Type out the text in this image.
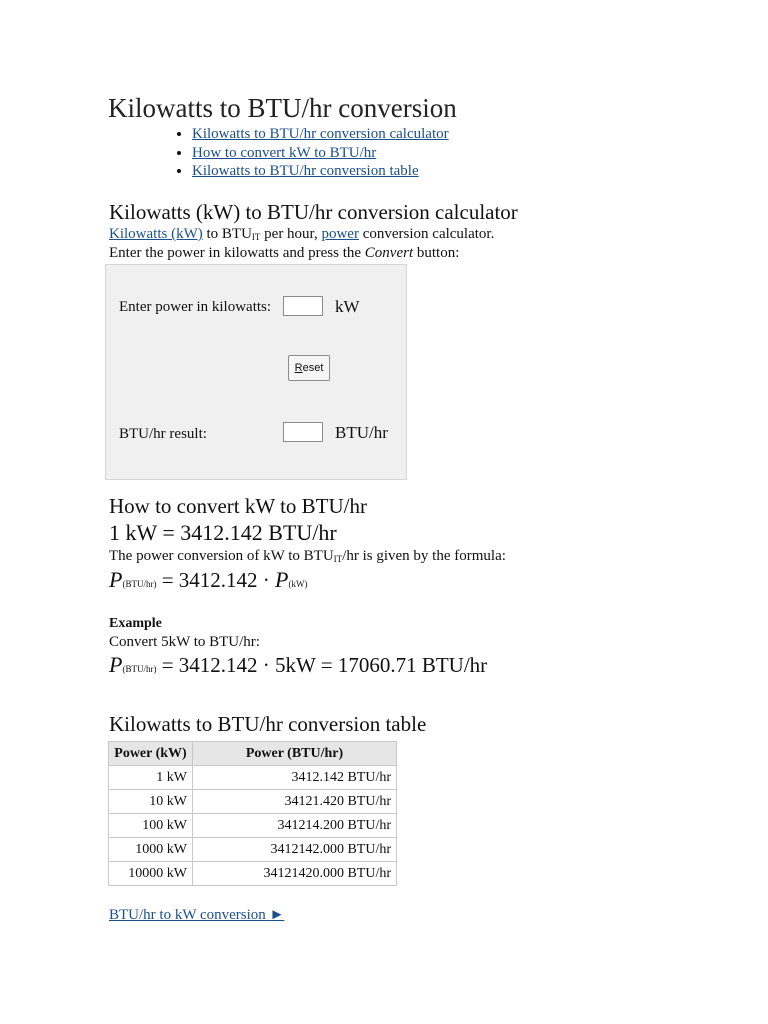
Kilowatts to BTU/hr conversion
• Kilowatts to BTU/hr conversion calculator
• How to convert kW to BTU/hr
• Kilowatts to BTU/hr conversion table
Kilowatts (kW) to BTU/hr conversion calculator
Kilowatts (kW) to $BTU_{IT}$ per hour, power conversion calculator.
Enter the power in kilowatts and press the Convert button:
Enter power in kilowatts:	kW
Reset
BTU/hr result:	BTU/hr
How to convert kW to BTU/hr
1 kW = 3412.142 BTU/hr
The power conversion of kW to $BTU_{IT}/hr$ is given by the formula:
P(BTU/hr) = 3412.142 · P(kW)
Example
Convert 5kW to BTU/hr:
P(BTU/hr) = 3412.142 · 5kW = 17060.71 BTU/hr
Kilowatts to BTU/hr conversion table
Power (kW)	Power (BTU/hr)
1 kW	3412.142 BTU/hr
10 kW	34121.420 BTU/hr
100 kW	341214.200 BTU/hr
1000 kW	3412142.000 BTU/hr
10000 kW	34121420.000 BTU/hr
BTU/hr to kW conversion ►
